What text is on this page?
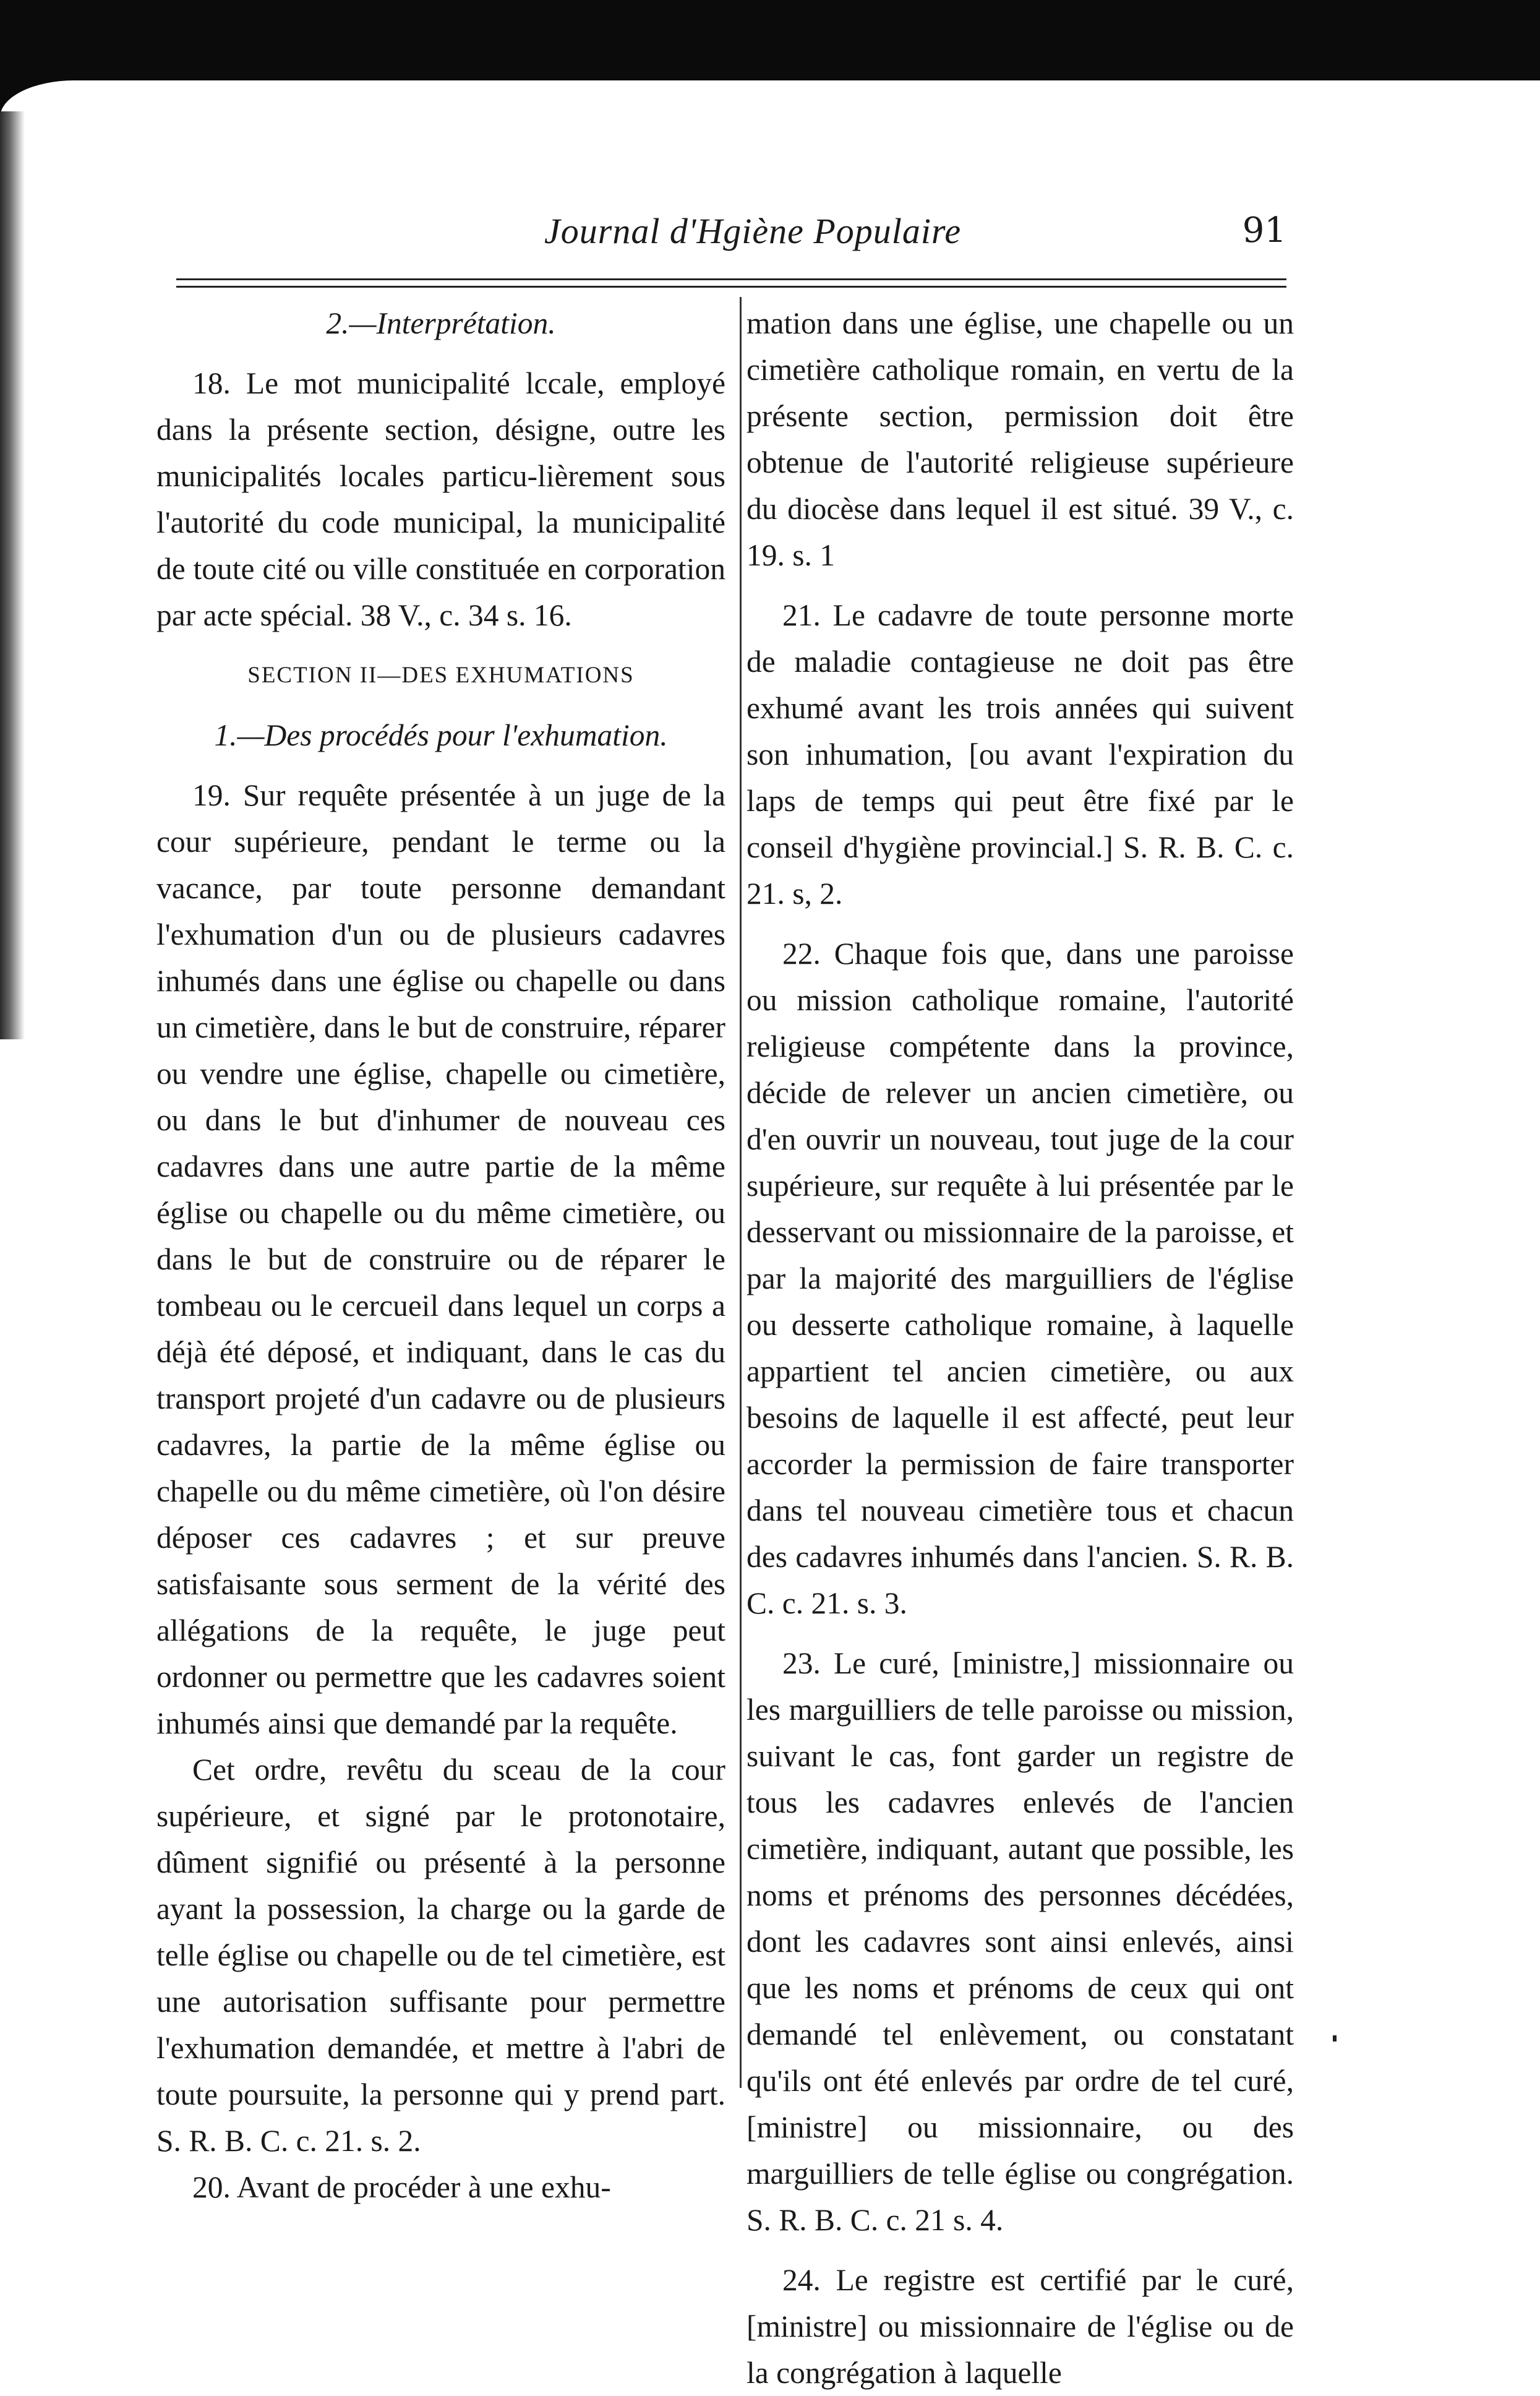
Journal d'Hgiène Populaire	91

2.—Interprétation.

18. Le mot municipalité lccale, employé dans la présente section, désigne, outre les municipalités locales particu-lièrement sous l'autorité du code municipal, la municipalité de toute cité ou ville constituée en corporation par acte spécial. 38 V., c. 34 s. 16.

SECTION II—DES EXHUMATIONS

1.—Des procédés pour l'exhumation.

19. Sur requête présentée à un juge de la cour supérieure, pendant le terme ou la vacance, par toute personne demandant l'exhumation d'un ou de plusieurs cadavres inhumés dans une église ou chapelle ou dans un cimetière, dans le but de construire, réparer ou vendre une église, chapelle ou cimetière, ou dans le but d'inhumer de nouveau ces cadavres dans une autre partie de la même église ou chapelle ou du même cimetière, ou dans le but de construire ou de réparer le tombeau ou le cercueil dans lequel un corps a déjà été déposé, et indiquant, dans le cas du transport projeté d'un cadavre ou de plusieurs cadavres, la partie de la même église ou chapelle ou du même cimetière, où l'on désire déposer ces cadavres ; et sur preuve satisfaisante sous serment de la vérité des allégations de la requête, le juge peut ordonner ou permettre que les cadavres soient inhumés ainsi que demandé par la requête.

Cet ordre, revêtu du sceau de la cour supérieure, et signé par le protonotaire, dûment signifié ou présenté à la personne ayant la possession, la charge ou la garde de telle église ou chapelle ou de tel cimetière, est une autorisation suffisante pour permettre l'exhumation demandée, et mettre à l'abri de toute poursuite, la personne qui y prend part. S. R. B. C. c. 21. s. 2.

20. Avant de procéder à une exhu-

mation dans une église, une chapelle ou un cimetière catholique romain, en vertu de la présente section, permission doit être obtenue de l'autorité religieuse supérieure du diocèse dans lequel il est situé. 39 V., c. 19. s. 1

21. Le cadavre de toute personne morte de maladie contagieuse ne doit pas être exhumé avant les trois années qui suivent son inhumation, [ou avant l'expiration du laps de temps qui peut être fixé par le conseil d'hygiène provincial.] S. R. B. C. c. 21. s, 2.

22. Chaque fois que, dans une paroisse ou mission catholique romaine, l'autorité religieuse compétente dans la province, décide de relever un ancien cimetière, ou d'en ouvrir un nouveau, tout juge de la cour supérieure, sur requête à lui présentée par le desservant ou missionnaire de la paroisse, et par la majorité des marguilliers de l'église ou desserte catholique romaine, à laquelle appartient tel ancien cimetière, ou aux besoins de laquelle il est affecté, peut leur accorder la permission de faire transporter dans tel nouveau cimetière tous et chacun des cadavres inhumés dans l'ancien. S. R. B. C. c. 21. s. 3.

23. Le curé, [ministre,] missionnaire ou les marguilliers de telle paroisse ou mission, suivant le cas, font garder un registre de tous les cadavres enlevés de l'ancien cimetière, indiquant, autant que possible, les noms et prénoms des personnes décédées, dont les cadavres sont ainsi enlevés, ainsi que les noms et prénoms de ceux qui ont demandé tel enlèvement, ou constatant qu'ils ont été enlevés par ordre de tel curé, [ministre] ou missionnaire, ou des marguilliers de telle église ou congrégation. S. R. B. C. c. 21 s. 4.

24. Le registre est certifié par le curé, [ministre] ou missionnaire de l'église ou de la congrégation à laquelle
